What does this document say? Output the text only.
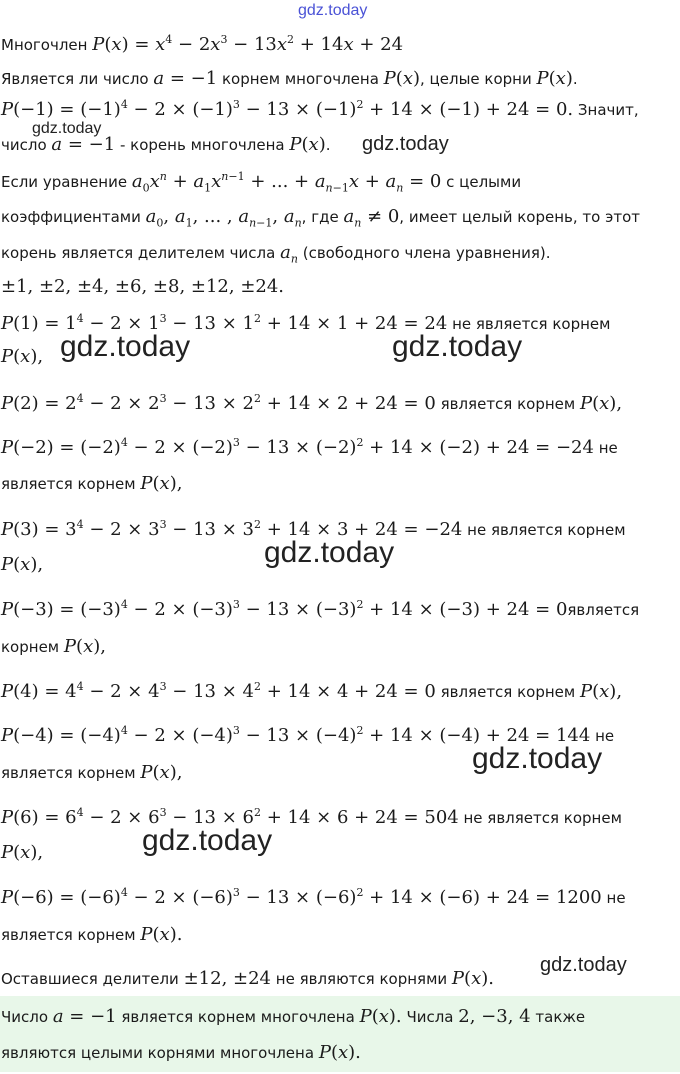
gdz.today
Многочлен $P(x) = x^4 - 2x^3 - 13x^2 + 14x + 24$
Является ли число a = −1 корнем многочлена P(x), целые корни P(x).
$P(-1) = (-1)^4 - 2 \times (-1)^3 - 13 \times (-1)^2 + 14 \times (-1) + 24 = 0$. Значит,
gdz.today
число a = −1 - корень многочлена P(x). gdz.today
Если уравнение $a_0x^n + a_1x^{n-1}$ + ... + $a_{n-1}x + a_n = 0$ с целыми
коэффициентами $a_0$, $a_1$, ... , $a_{n-1}$, $a_n$, где $a_n \ne 0$, имеет целый корень, то этот
корень является делителем числа $a_n$ (свободного члена уравнения).
±1, ±2, ±4, ±6, ±8, ±12, ±24.
$P(1) = 1^4 - 2 \times 1^3 - 13 \times 1^2 + 14 \times 1 + 24 = 24$ не является корнем
P(x), gdz.today	gdz.today
$P(2) = 2^4 - 2 \times 2^3 - 13 \times 2^2 + 14 \times 2 + 24 = 0$ является корнем P(x),
$P(-2) = (-2)^4 - 2 \times (-2)^3 - 13 \times (-2)^2 + 14 \times (-2) + 24 = -24$ не
является корнем P(x),
$P(3) = 3^4 - 2 \times 3^3 - 13 \times 3^2 + 14 \times 3 + 24 = -24$ не является корнем
P(x),	gdz.today
$P(-3) = (-3)^4 - 2 \times (-3)^3 - 13 \times (-3)^2 + 14 \times (-3) + 24$ = 0является
корнем P(x),
$P(4) = 4^4 - 2 \times 4^3 - 13 \times 4^2 + 14 \times 4 + 24 = 0$ является корнем P(x),
$P(-4) = (-4)^4 - 2 \times (-4)^3 - 13 \times (-4)^2 + 14 \times (-4) + 24 = 144$ не
является корнем P(x),	gdz.today
$P(6) = 6^4 - 2 \times 6^3 - 13 \times 6^2 + 14 \times 6 + 24 = 504$ не является корнем
P(x),	gdz.today
$P(-6) = (-6)^4 - 2 \times (-6)^3 - 13 \times (-6)^2 + 14 \times (-6) + 24 = 1200$ не
является корнем P(x).
Оставшиеся делители ±12, ±24 не являются корнями P(x).
gdz.today
Число a = −1 является корнем многочлена P(x). Числа 2, −3, 4 также
являются целыми корнями многочлена P(x).
